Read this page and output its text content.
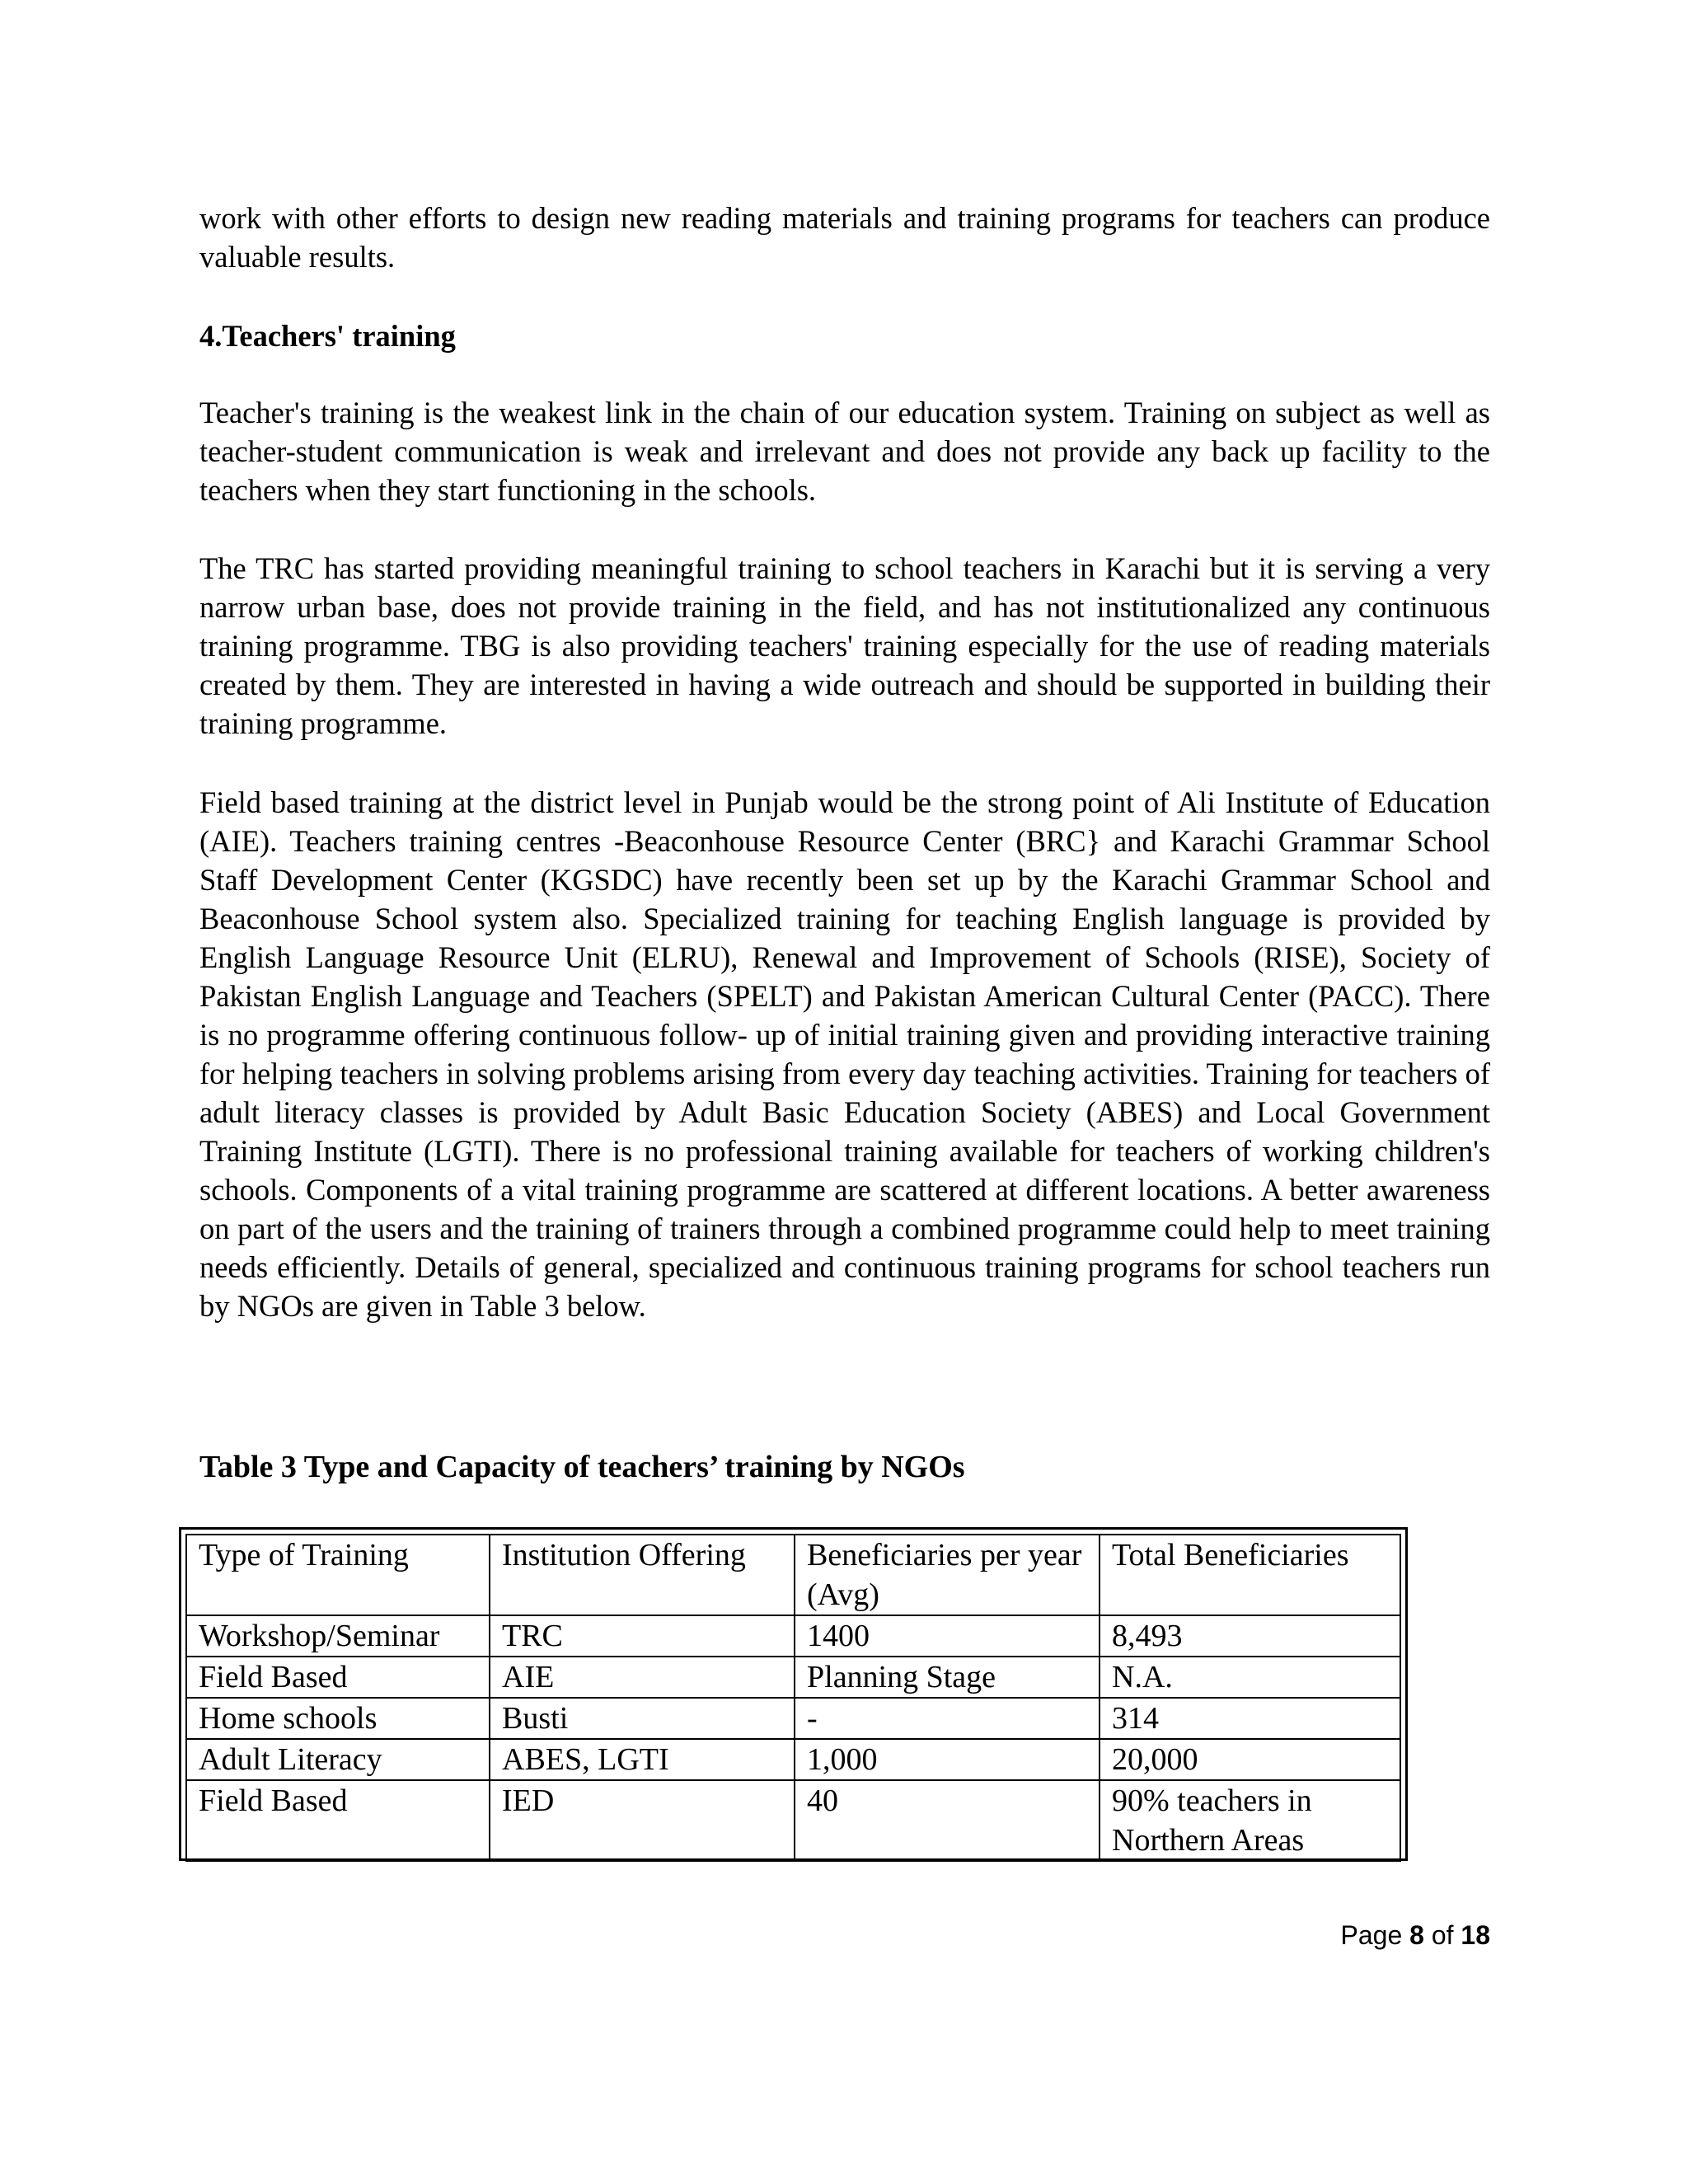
work with other efforts to design new reading materials and training programs for teachers can produce valuable results.

4.Teachers' training

Teacher's training is the weakest link in the chain of our education system. Training on subject as well as teacher-student communication is weak and irrelevant and does not provide any back up facility to the teachers when they start functioning in the schools.

The TRC has started providing meaningful training to school teachers in Karachi but it is serving a very narrow urban base, does not provide training in the field, and has not institutionalized any continuous training programme. TBG is also providing teachers' training especially for the use of reading materials created by them. They are interested in having a wide outreach and should be supported in building their training programme.

Field based training at the district level in Punjab would be the strong point of Ali Institute of Education (AIE). Teachers training centres -Beaconhouse Resource Center (BRC} and Karachi Grammar School Staff Development Center (KGSDC) have recently been set up by the Karachi Grammar School and Beaconhouse School system also. Specialized training for teaching English language is provided by English Language Resource Unit (ELRU), Renewal and Improvement of Schools (RISE), Society of Pakistan English Language and Teachers (SPELT) and Pakistan American Cultural Center (PACC). There is no programme offering continuous follow- up of initial training given and providing interactive training for helping teachers in solving problems arising from every day teaching activities. Training for teachers of adult literacy classes is provided by Adult Basic Education Society (ABES) and Local Government Training Institute (LGTI). There is no professional training available for teachers of working children's schools. Components of a vital training programme are scattered at different locations. A better awareness on part of the users and the training of trainers through a combined programme could help to meet training needs efficiently. Details of general, specialized and continuous training programs for school teachers run by NGOs are given in Table 3 below.

Table 3 Type and Capacity of teachers’ training by NGOs

Type of Training	Institution Offering	Beneficiaries per year (Avg)	Total Beneficiaries
Workshop/Seminar	TRC	1400	8,493
Field Based	AIE	Planning Stage	N.A.
Home schools	Busti	-	314
Adult Literacy	ABES, LGTI	1,000	20,000
Field Based	IED	40	90% teachers in Northern Areas
Page 8 of 18
